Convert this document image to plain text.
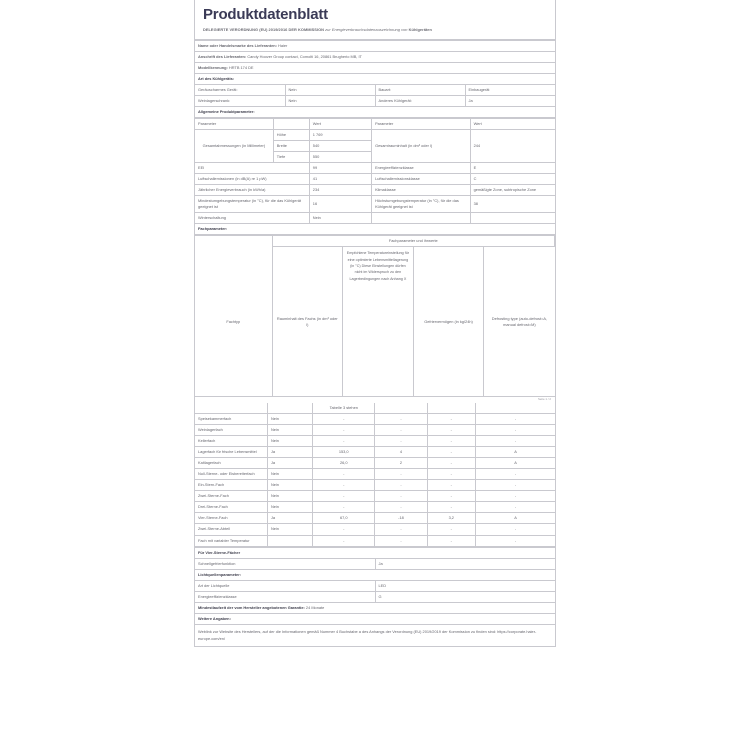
Produktdatenblatt
DELEGIERTE VERORDNUNG (EU) 2019/2016 DER KOMMISSION zur Energieverbrauchsdatenauszeichnung von Kühlgeräten
Name oder Handelsmarke des Lieferanten: Haier			
Anschrift des Lieferanten: Candy Hoover Group contact, Comolti 16, 20861 Brugherio MB, IT			
Modellkennung: HRTB 174 DE			
Art des Kühlgeräts:			
Geräuscharmes Gerät:	Nein	Bauart:	Einbaugerät
Weinlagerschrank:	Nein	Anderes Kühlgerät:	Ja
Allgemeine Produktparameter:			
Parameter		Wert	Parameter	Wert
Gesamtabmessungen (in Millimeter)	Höhe	1 769	Gesamtrauminhalt (in dm³ oder l)	244
	Breite	540		
	Tiefe	550		
EEI		99	Energieeffizienzklasse	E
Luftschallemissionen (in dB(A) re 1 pW)		41	Luftschallemissionsklasse	C
Jährlicher Energieverbrauch (in kWh/a)		234	Klimaklasse	gemäßigte Zone, subtropische Zone
Mindestumgebungstemperatur (in °C), für die das Kühlgerät geeignet ist		16	Höchstumgebungstemperatur (in °C), für die das Kühlgerät geeignet ist	38
Winterschaltung		Nein		
Fachparameter:				
	Fachparameter und ihrwerte			
Fachtyp	Rauminhalt des Fachs (in dm³ oder l)	Empfohlene Temperatureinstellung für eine optimierte Lebensmittellagerung (in °C) Diese Einstellungen dürfen nicht im Widerspruch zu den Lagerbedingungen nach Anhang X	Gefriervermögen (in kg/24h)	Defrosting type (auto-defrost=A, manual defrost=M)
Seite 1 / 2
		Tabelle 3 stehen			
Speisekammerfach	Nein	-	-	-	-
Weinlagerfach	Nein	-	-	-	-
Kellerfach	Nein	-	-	-	-
Lagerfach für frische Lebensmittel	Ja	153,0	4	-	A
Kaltlagerfach	Ja	26,0	2	-	A
Null-Sterne- oder Eisbereiterfach	Nein	-	-	-	-
Ein-Stern-Fach	Nein	-	-	-	-
Zwei-Sterne-Fach	Nein	-	-	-	-
Drei-Sterne-Fach	Nein	-	-	-	-
Vier-Sterne-Fach	Ja	67,0	-18	3,2	A
Zwei-Sterne-Abteil	Nein	-	-	-	-
Fach mit variabler Temperatur		-	-	-	-
Für Vier-Sterne-Fächer	
Schnellgefrierfunktion	Ja
Lichtquellenparameter:	
Art der Lichtquelle	LED
Energieeffizienzklasse	G
Mindestlaufzeit der vom Hersteller angebotenen Garantie: 24 Monate	
Weitere Angaben:	
Weblink zur Website des Herstellers, auf der die Informationen gemäß Nummer 4 Buchstabe a des Anhangs der Verordnung (EU) 2019/2019 der Kommission zu finden sind: https://corporate.haier-europe.com/en/	
